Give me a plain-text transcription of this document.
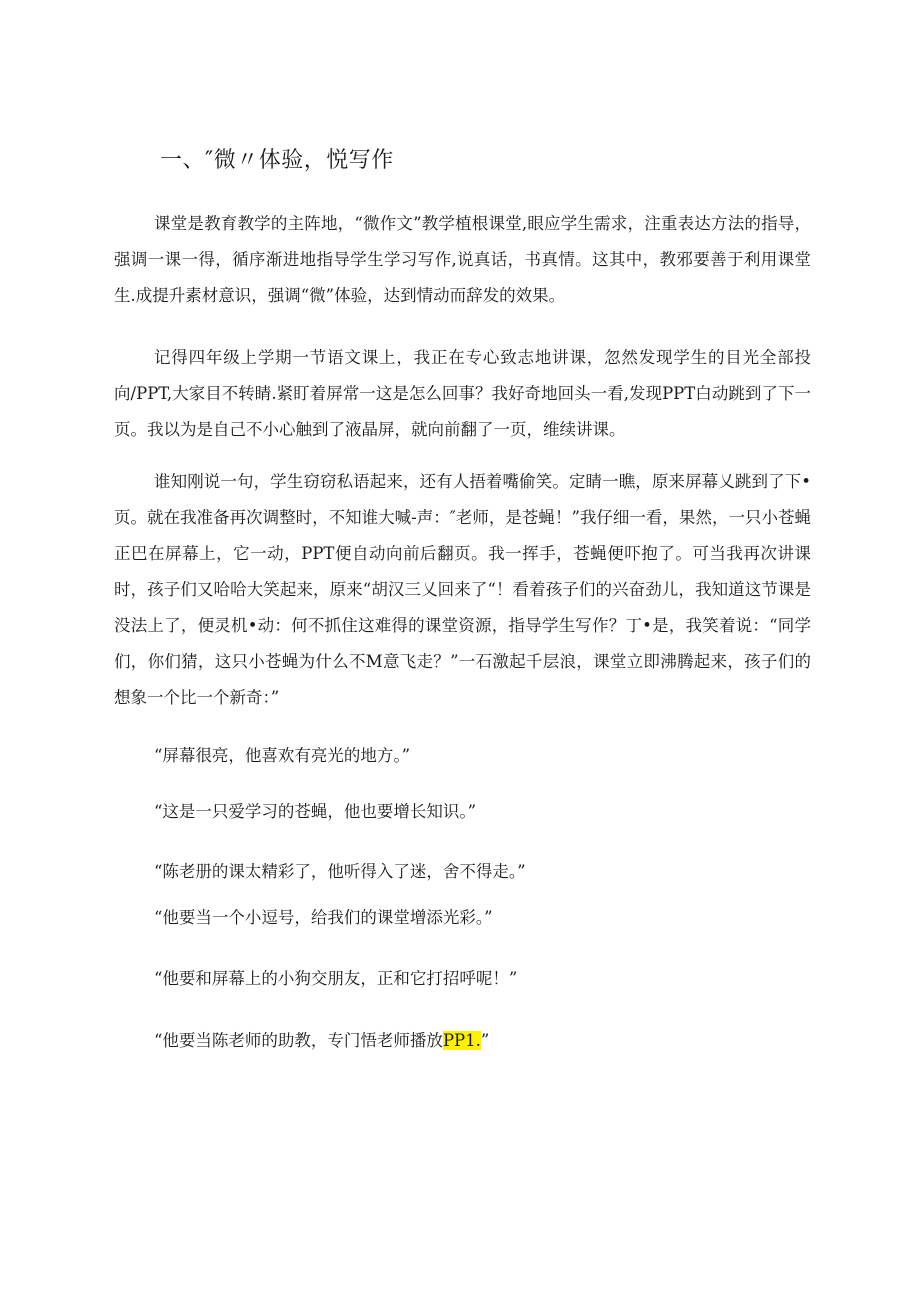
一、″微〃体验，悦写作

课堂是教育教学的主阵地，“微作文”教学植根课堂,眼应学生需求，注重表达方法的指导，强调一课一得，循序渐进地指导学生学习写作,说真话，书真情。这其中，教邪要善于利用课堂生.成提升素材意识，强调“微”体验，达到情动而辞发的效果。

记得四年级上学期一节语文课上，我正在专心致志地讲课，忽然发现学生的目光全部投向/PPT,大家目不转睛.紧盯着屏常一这是怎么回事？我好奇地回头一看,发现PPT白动跳到了下一页。我以为是自己不小心触到了液晶屏，就向前翻了一页，维续讲课。

谁知刚说一句，学生窃窃私语起来，还有人捂着嘴偷笑。定睛一瞧，原来屏幕乂跳到了下•页。就在我准备再次调整时，不知谁大喊-声：″老师，是苍蝇！”我仔细一看，果然，一只小苍蝇正巴在屏幕上，它一动，PPT便自动向前后翻页。我一挥手，苍蝇便吓抱了。可当我再次讲课时，孩子们又哈哈大笑起来，原来“胡汉三乂回来了“！看着孩子们的兴奋劲儿，我知道这节课是没法上了，便灵机•动：何不抓住这难得的课堂资源，指导学生写作？丁•是，我笑着说：“同学们，你们猜，这只小苍蝇为什么不M意飞走？”一石激起千层浪，课堂立即沸腾起来，孩子们的想象一个比一个新奇：”

“屏幕很亮，他喜欢有亮光的地方。”

“这是一只爱学习的苍蝇，他也要增长知识。”

“陈老册的课太精彩了，他听得入了迷，舍不得走。”

“他要当一个小逗号，给我们的课堂增添光彩。”

“他要和屏幕上的小狗交朋友，正和它打招呼呢！”

“他要当陈老师的助教，专门悟老师播放PP1.”
